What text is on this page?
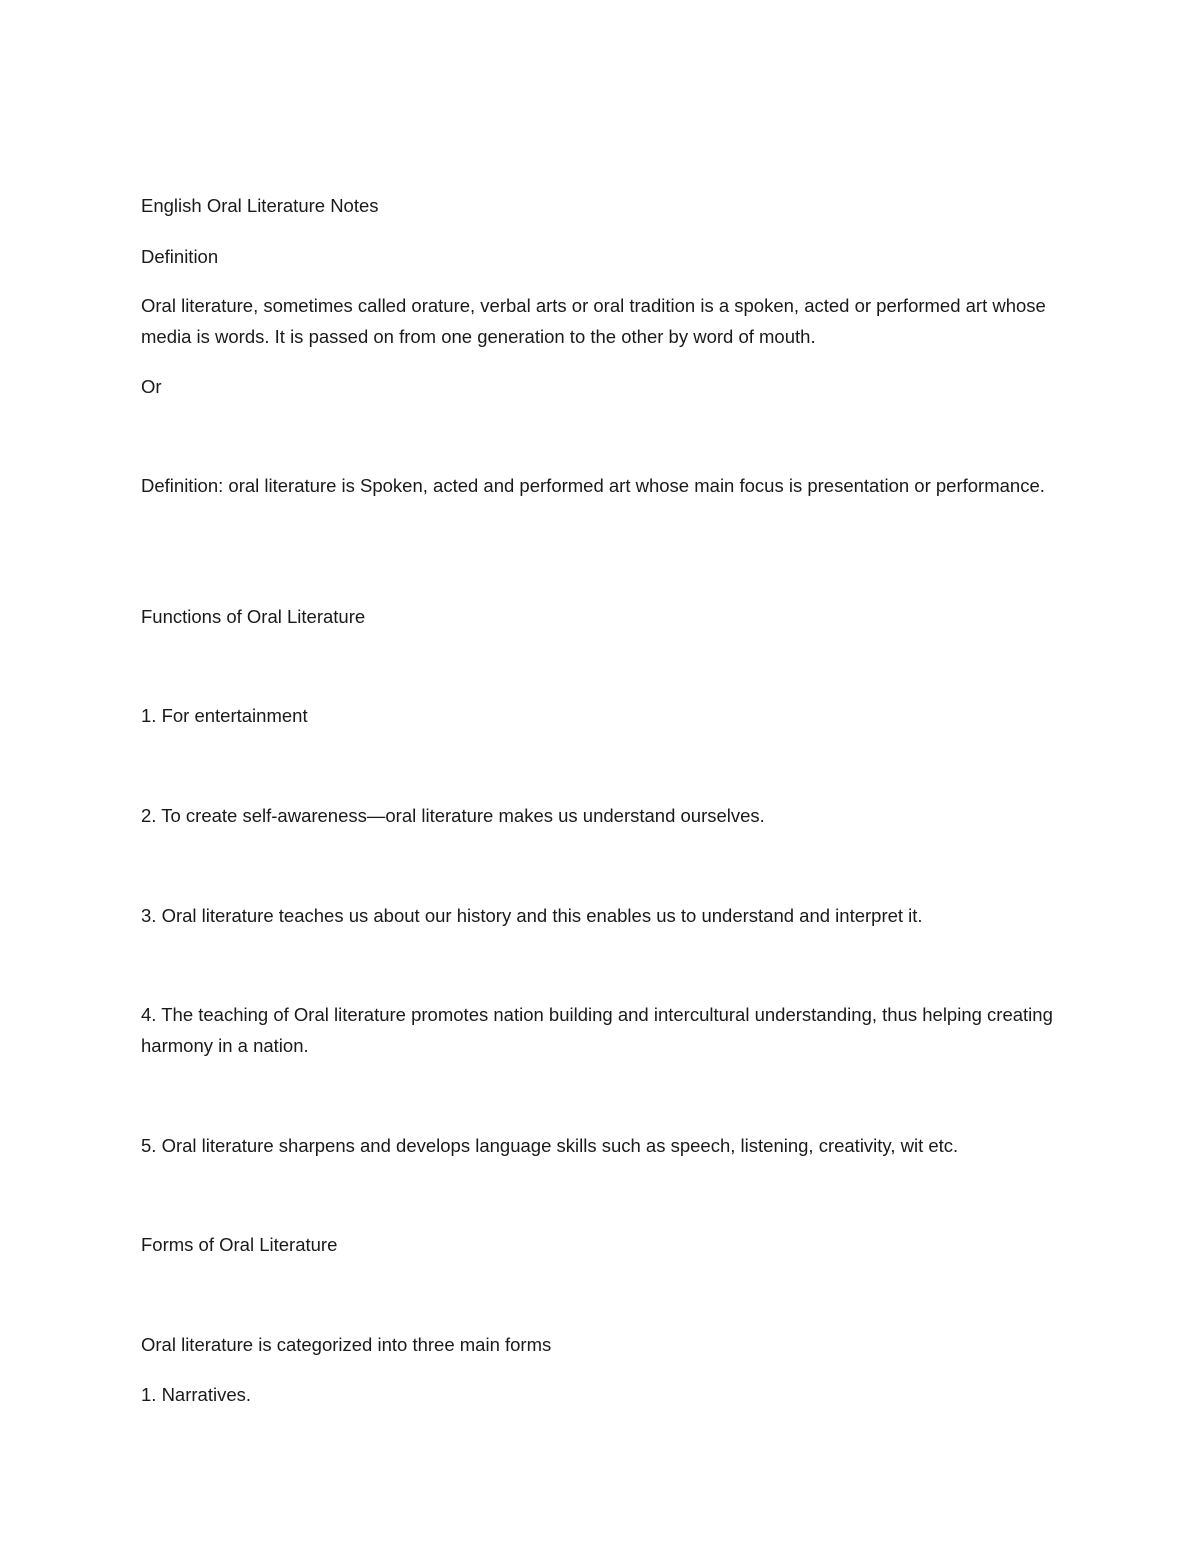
English Oral Literature Notes

Definition

Oral literature, sometimes called orature, verbal arts or oral tradition is a spoken, acted or performed art whose media is words. It is passed on from one generation to the other by word of mouth.

Or

Definition: oral literature is Spoken, acted and performed art whose main focus is presentation or performance.

Functions of Oral Literature

1. For entertainment

2. To create self-awareness—oral literature makes us understand ourselves.

3. Oral literature teaches us about our history and this enables us to understand and interpret it.

4. The teaching of Oral literature promotes nation building and intercultural understanding, thus helping creating harmony in a nation.

5. Oral literature sharpens and develops language skills such as speech, listening, creativity, wit etc.

Forms of Oral Literature

Oral literature is categorized into three main forms

1. Narratives.
